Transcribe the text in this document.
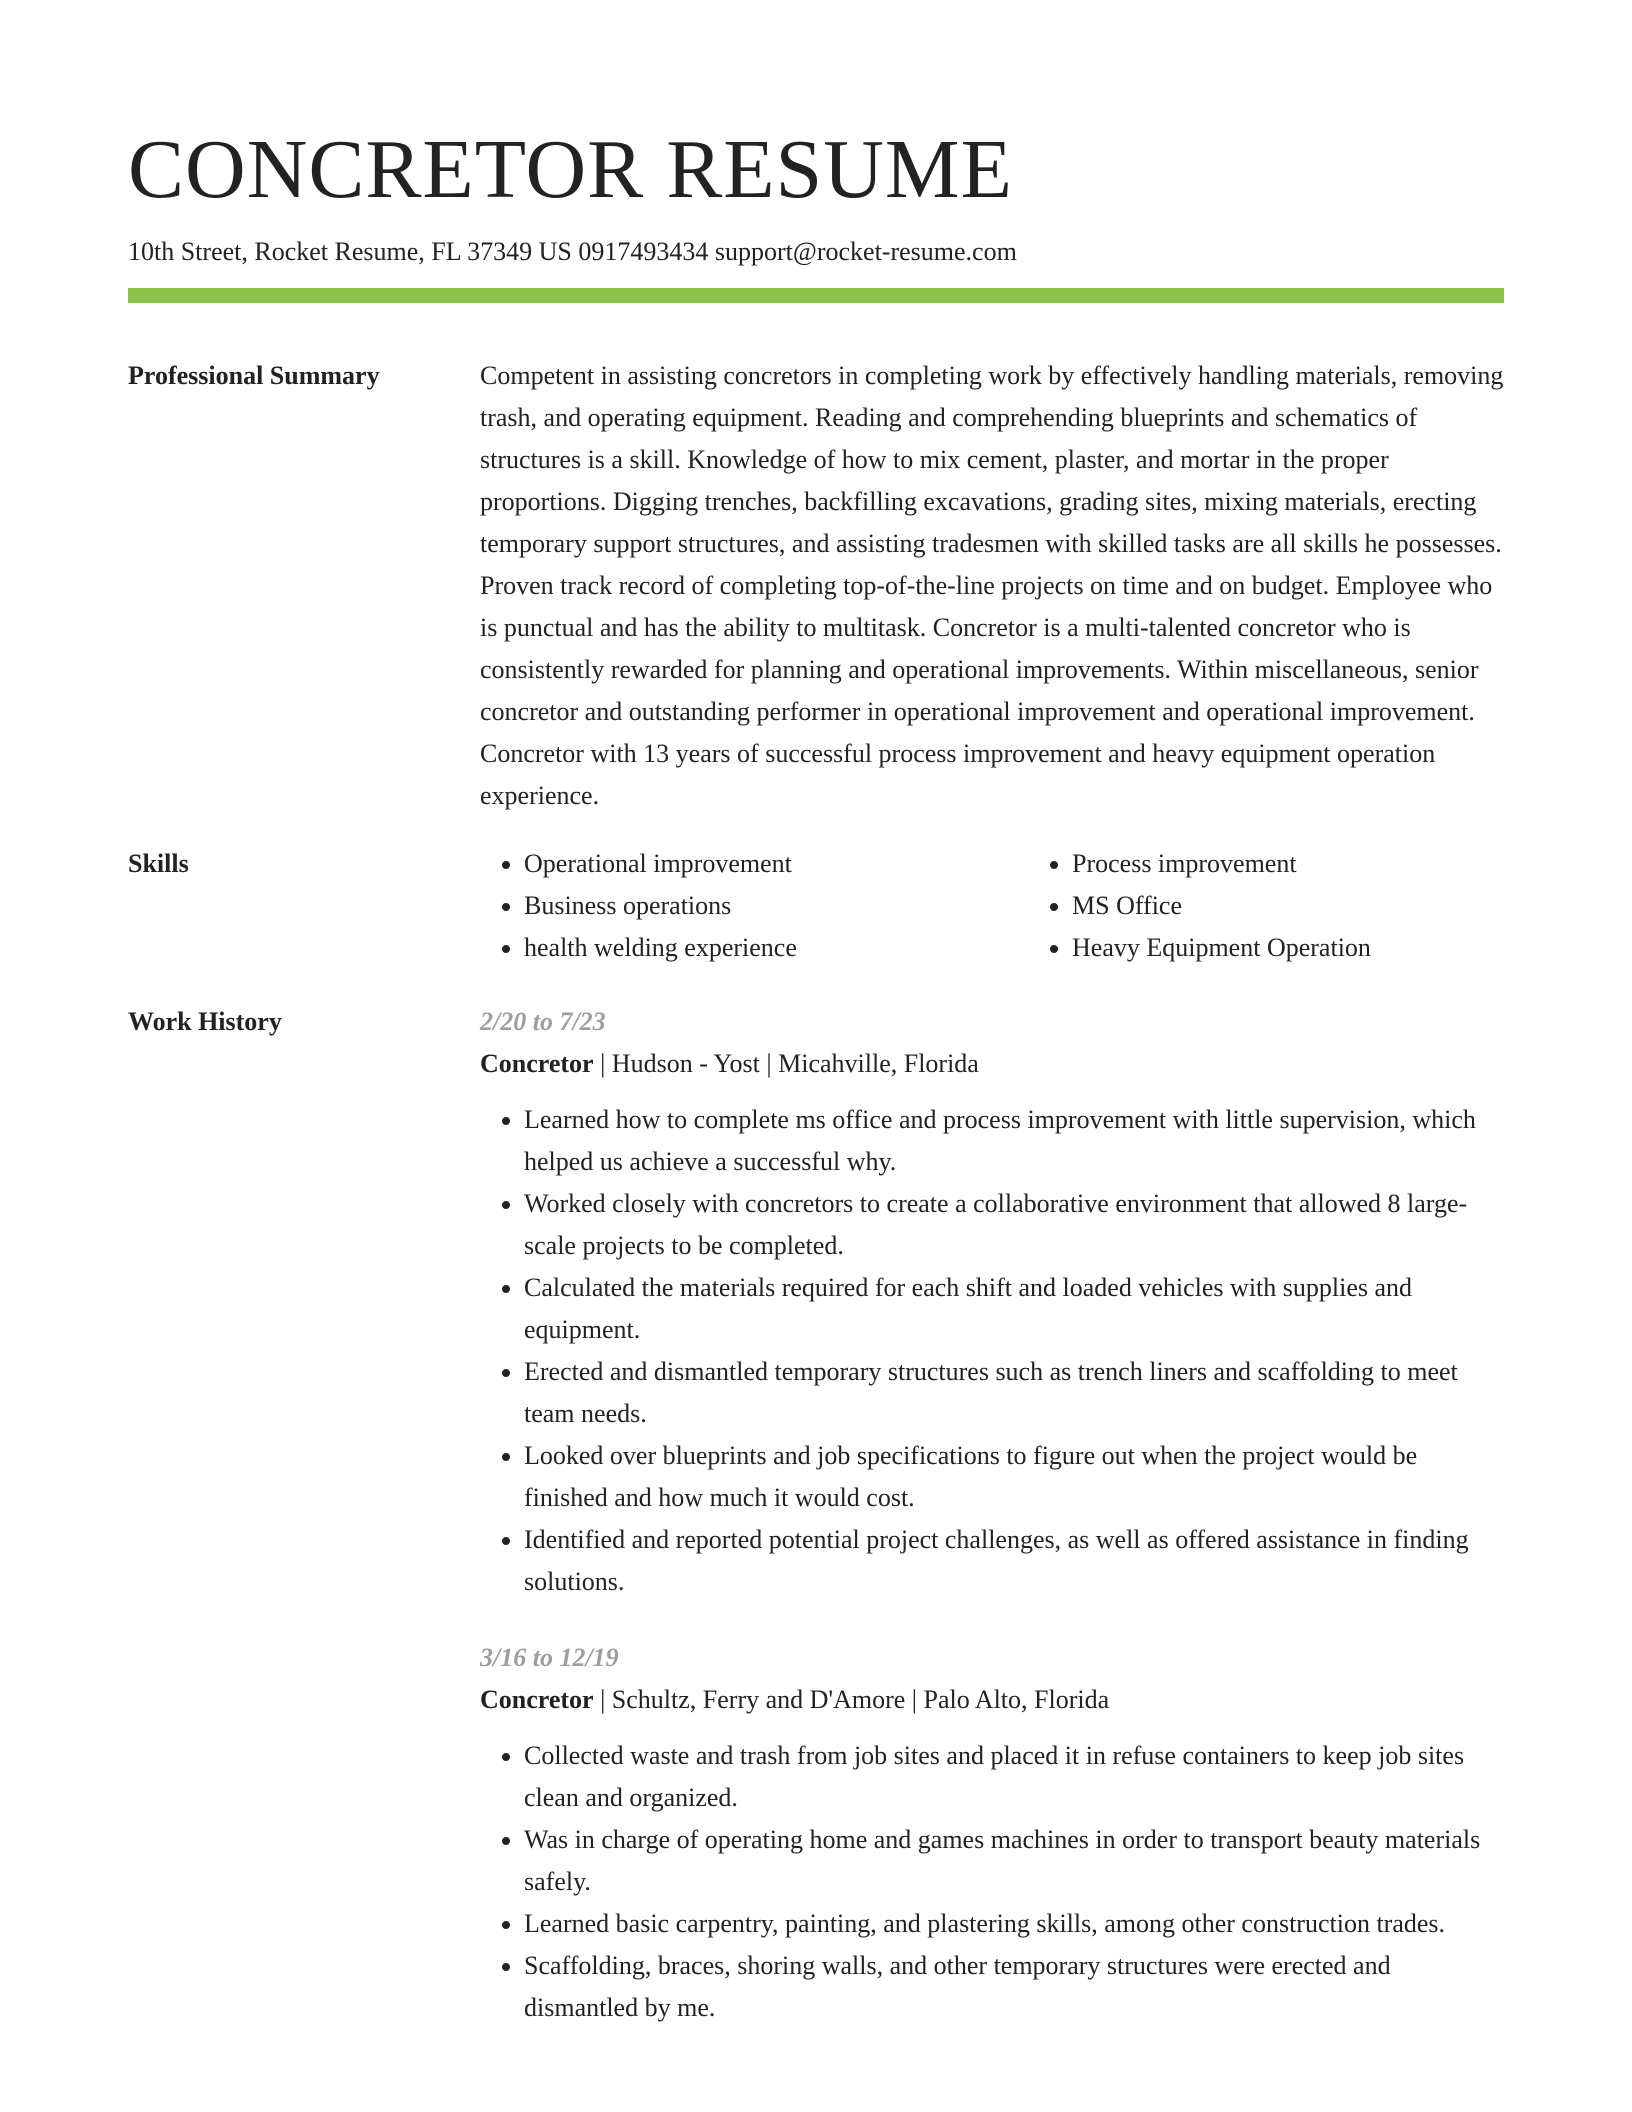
CONCRETOR RESUME
10th Street, Rocket Resume, FL 37349 US 0917493434 support@rocket-resume.com
Professional Summary	Competent in assisting concretors in completing work by effectively handling materials, removing trash, and operating equipment. Reading and comprehending blueprints and schematics of structures is a skill. Knowledge of how to mix cement, plaster, and mortar in the proper proportions. Digging trenches, backfilling excavations, grading sites, mixing materials, erecting temporary support structures, and assisting tradesmen with skilled tasks are all skills he possesses. Proven track record of completing top-of-the-line projects on time and on budget. Employee who is punctual and has the ability to multitask. Concretor is a multi-talented concretor who is consistently rewarded for planning and operational improvements. Within miscellaneous, senior concretor and outstanding performer in operational improvement and operational improvement. Concretor with 13 years of successful process improvement and heavy equipment operation experience.

Skills
•	Operational improvement
• Business operations
• health welding experience
• Process improvement
• MS Office
• Heavy Equipment Operation
Work History	2/20 to 7/23
Concretor | Hudson - Yost | Micahville, Florida
• Learned how to complete ms office and process improvement with little supervision, which helped us achieve a successful why.
• Worked closely with concretors to create a collaborative environment that allowed 8 large-scale projects to be completed.
• Calculated the materials required for each shift and loaded vehicles with supplies and equipment.
• Erected and dismantled temporary structures such as trench liners and scaffolding to meet team needs.
• Looked over blueprints and job specifications to figure out when the project would be finished and how much it would cost.
• Identified and reported potential project challenges, as well as offered assistance in finding solutions.
3/16 to 12/19
Concretor | Schultz, Ferry and D'Amore | Palo Alto, Florida
• Collected waste and trash from job sites and placed it in refuse containers to keep job sites clean and organized.
• Was in charge of operating home and games machines in order to transport beauty materials safely.
• Learned basic carpentry, painting, and plastering skills, among other construction trades.
• Scaffolding, braces, shoring walls, and other temporary structures were erected and dismantled by me.
